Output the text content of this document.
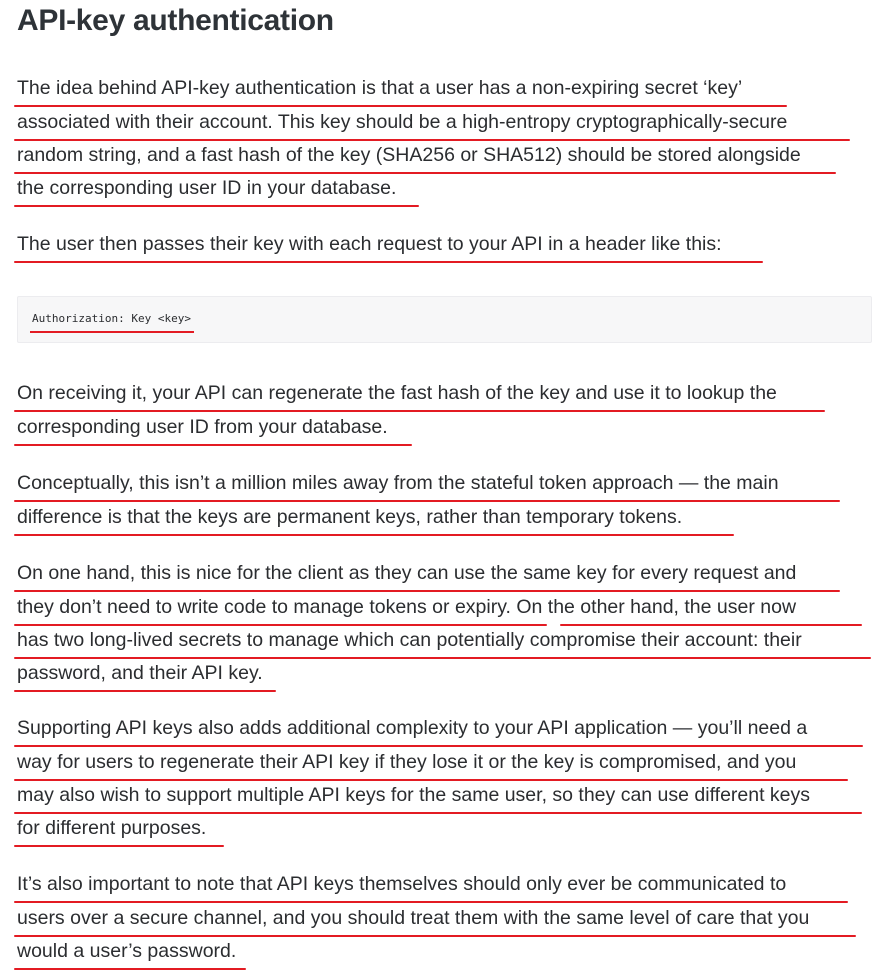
API-key authentication
The idea behind API-key authentication is that a user has a non-expiring secret ‘key’
associated with their account. This key should be a high-entropy cryptographically-secure
random string, and a fast hash of the key (SHA256 or SHA512) should be stored alongside
the corresponding user ID in your database.
The user then passes their key with each request to your API in a header like this:
Authorization: Key <key>
On receiving it, your API can regenerate the fast hash of the key and use it to lookup the
corresponding user ID from your database.
Conceptually, this isn’t a million miles away from the stateful token approach — the main
difference is that the keys are permanent keys, rather than temporary tokens.
On one hand, this is nice for the client as they can use the same key for every request and
they don’t need to write code to manage tokens or expiry. On the other hand, the user now
has two long-lived secrets to manage which can potentially compromise their account: their
password, and their API key.
Supporting API keys also adds additional complexity to your API application — you’ll need a
way for users to regenerate their API key if they lose it or the key is compromised, and you
may also wish to support multiple API keys for the same user, so they can use different keys
for different purposes.
It’s also important to note that API keys themselves should only ever be communicated to
users over a secure channel, and you should treat them with the same level of care that you
would a user’s password.
